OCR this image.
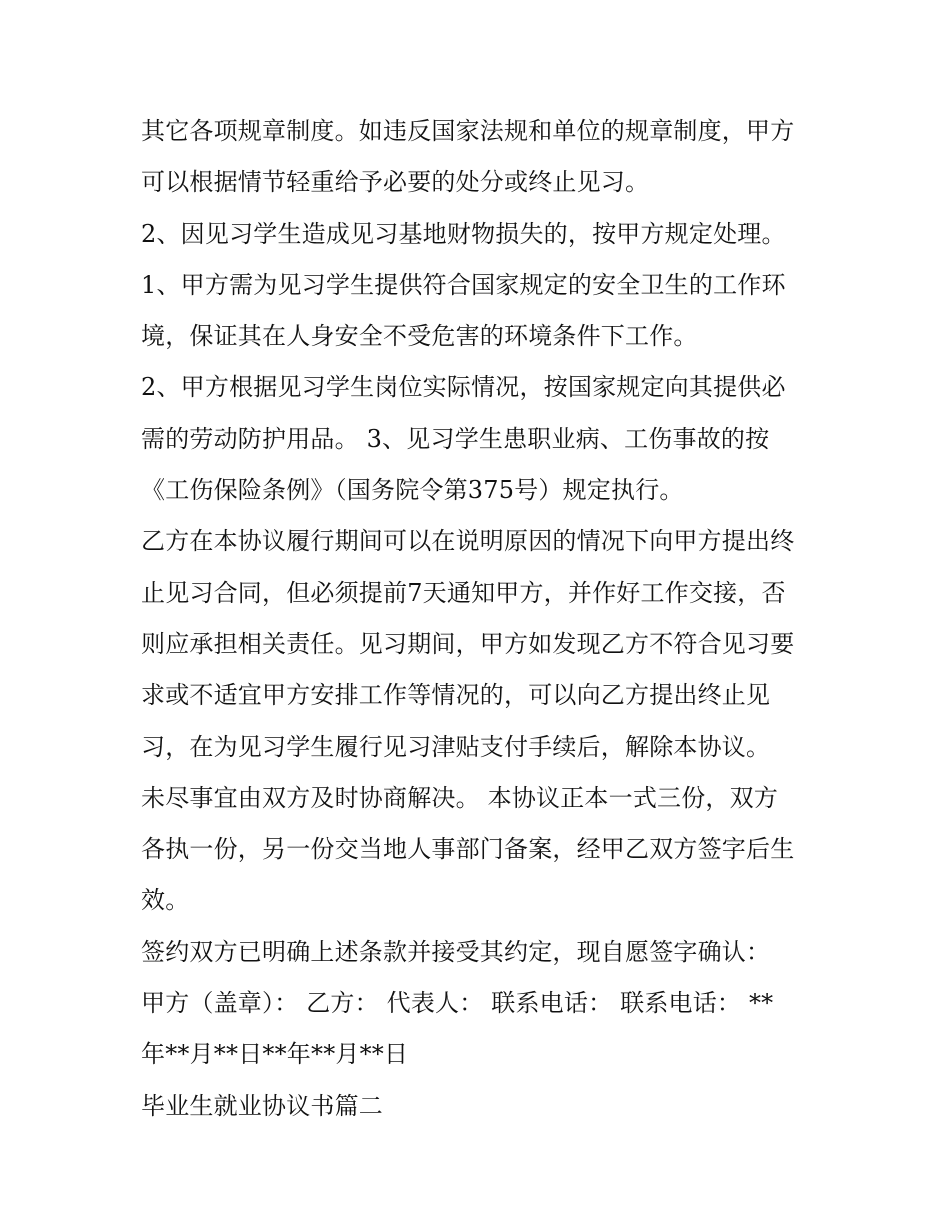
其它各项规章制度。如违反国家法规和单位的规章制度，甲方
可以根据情节轻重给予必要的处分或终止见习。
2、因见习学生造成见习基地财物损失的，按甲方规定处理。
1、甲方需为见习学生提供符合国家规定的安全卫生的工作环
境，保证其在人身安全不受危害的环境条件下工作。
2、甲方根据见习学生岗位实际情况，按国家规定向其提供必
需的劳动防护用品。 3、见习学生患职业病、工伤事故的按
《工伤保险条例》（国务院令第375号）规定执行。
乙方在本协议履行期间可以在说明原因的情况下向甲方提出终
止见习合同，但必须提前7天通知甲方，并作好工作交接，否
则应承担相关责任。见习期间，甲方如发现乙方不符合见习要
求或不适宜甲方安排工作等情况的，可以向乙方提出终止见
习，在为见习学生履行见习津贴支付手续后，解除本协议。
未尽事宜由双方及时协商解决。 本协议正本一式三份，双方
各执一份，另一份交当地人事部门备案，经甲乙双方签字后生
效。
签约双方已明确上述条款并接受其约定，现自愿签字确认：
甲方（盖章）： 乙方： 代表人： 联系电话： 联系电话： **
年**月**日**年**月**日
毕业生就业协议书篇二
